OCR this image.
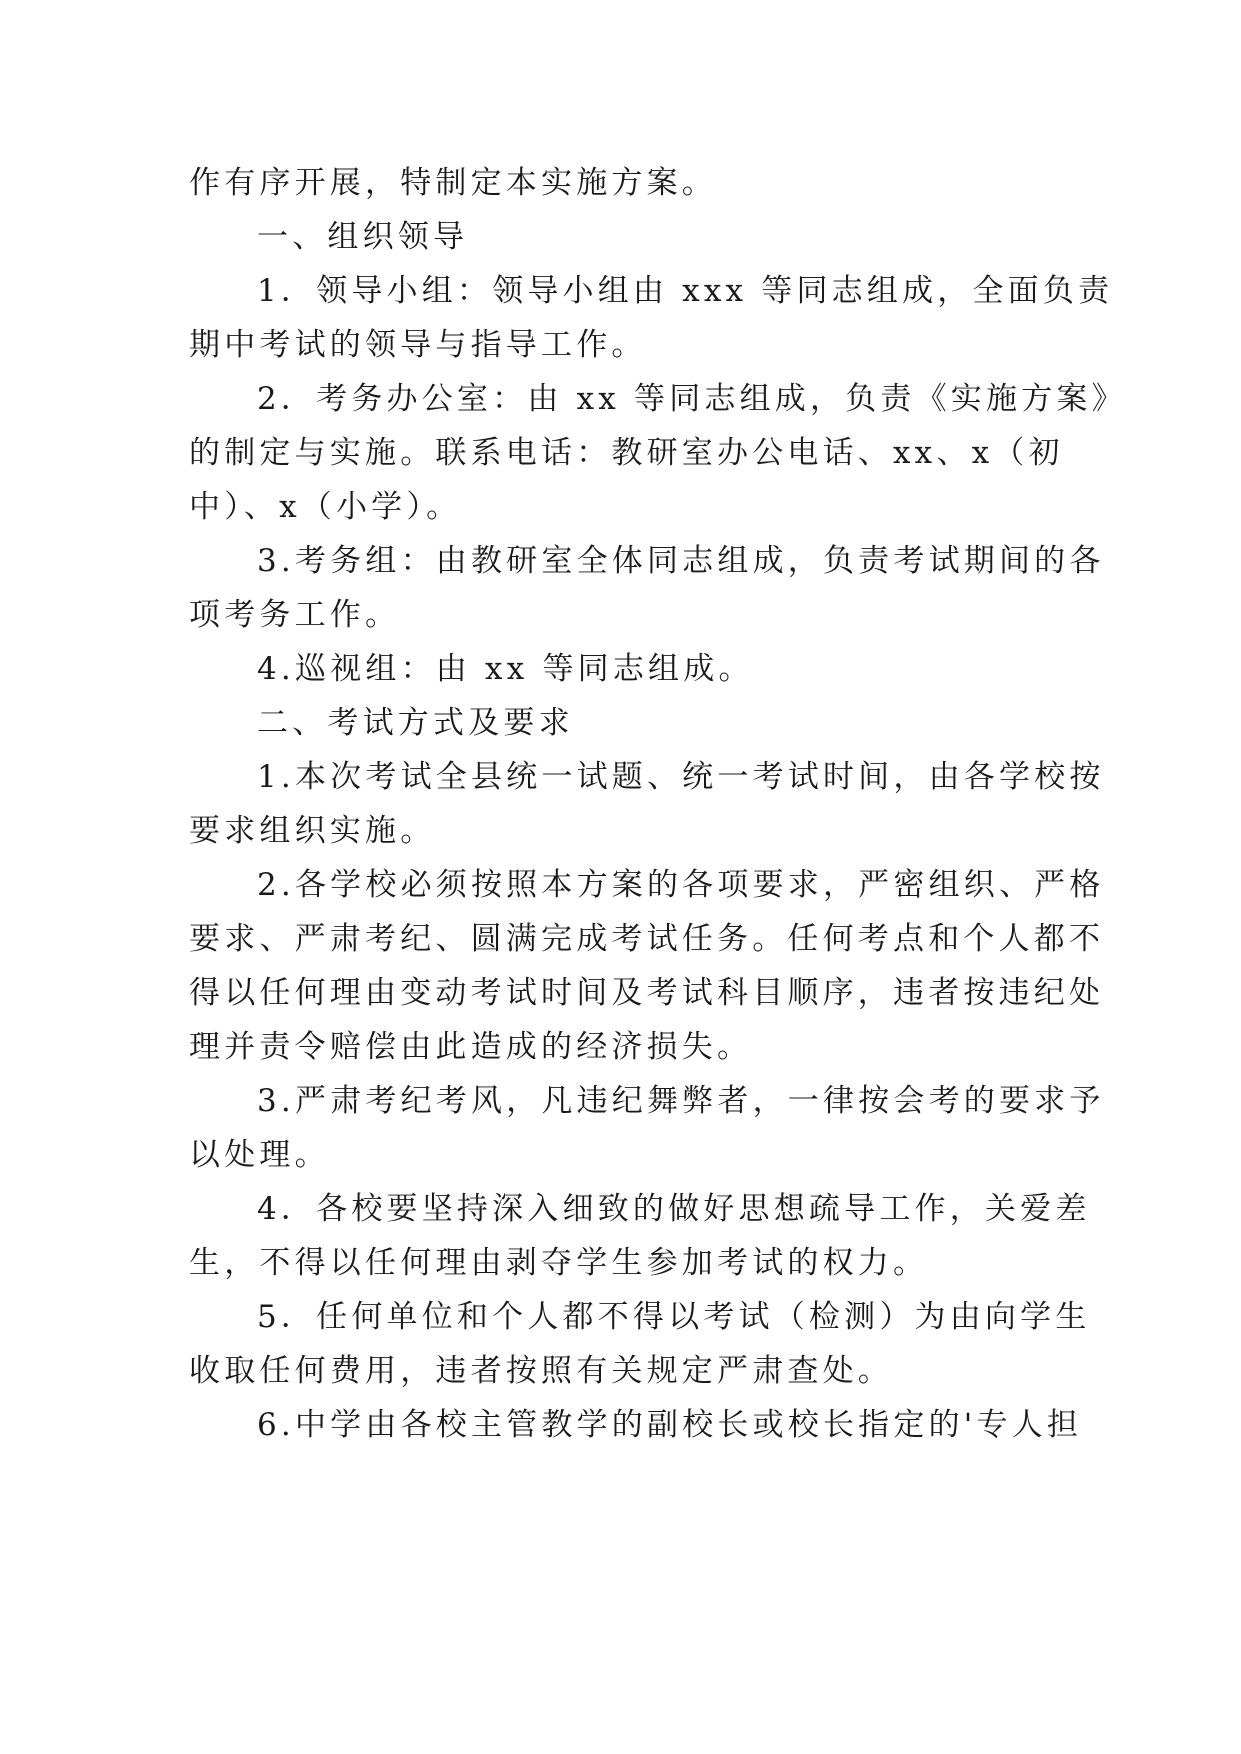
作有序开展，特制定本实施方案。
一、组织领导
1．领导小组：领导小组由 xxx 等同志组成，全面负责
期中考试的领导与指导工作。
2．考务办公室：由 xx 等同志组成，负责《实施方案》
的制定与实施。联系电话：教研室办公电话、xx、x（初
中）、x（小学）。
3.考务组：由教研室全体同志组成，负责考试期间的各
项考务工作。
4.巡视组：由 xx 等同志组成。
二、考试方式及要求
1.本次考试全县统一试题、统一考试时间，由各学校按
要求组织实施。
2.各学校必须按照本方案的各项要求，严密组织、严格
要求、严肃考纪、圆满完成考试任务。任何考点和个人都不
得以任何理由变动考试时间及考试科目顺序，违者按违纪处
理并责令赔偿由此造成的经济损失。
3.严肃考纪考风，凡违纪舞弊者，一律按会考的要求予
以处理。
4．各校要坚持深入细致的做好思想疏导工作，关爱差
生，不得以任何理由剥夺学生参加考试的权力。
5．任何单位和个人都不得以考试（检测）为由向学生
收取任何费用，违者按照有关规定严肃查处。
6.中学由各校主管教学的副校长或校长指定的'专人担
